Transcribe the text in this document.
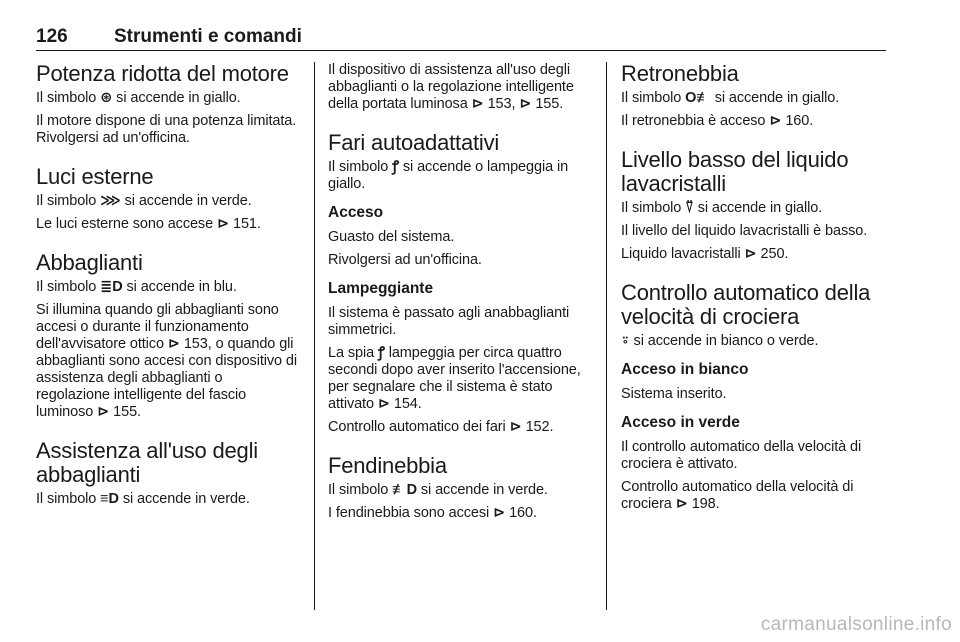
126 Strumenti e comandi
Potenza ridotta del motore

Il simbolo ⊛ si accende in giallo.

Il motore dispone di una potenza limitata. Rivolgersi ad un'officina.

Luci esterne

Il simbolo ⋙ si accende in verde.

Le luci esterne sono accese ⊳ 151.

Abbaglianti

Il simbolo ≣D si accende in blu.

Si illumina quando gli abbaglianti sono accesi o durante il funzionamento dell'avvisatore ottico ⊳ 153, o quando gli abbaglianti sono accesi con dispositivo di assistenza degli abbaglianti o regolazione intelligente del fascio luminoso ⊳ 155.

Assistenza all'uso degli abbaglianti

Il simbolo ≡D si accende in verde.

Il dispositivo di assistenza all'uso degli abbaglianti o la regolazione intelligente della portata luminosa ⊳ 153, ⊳ 155.

Fari autoadattativi

Il simbolo ꝭ si accende o lampeggia in giallo.

Acceso

Guasto del sistema.

Rivolgersi ad un'officina.

Lampeggiante

Il sistema è passato agli anabbaglianti simmetrici.

La spia ꝭ lampeggia per circa quattro secondi dopo aver inserito l'accensione, per segnalare che il sistema è stato attivato ⊳ 154.

Controllo automatico dei fari ⊳ 152.

Fendinebbia

Il simbolo ≢D si accende in verde.

I fendinebbia sono accesi ⊳ 160.

Retronebbia

Il simbolo O≢ si accende in giallo.

Il retronebbia è acceso ⊳ 160.

Livello basso del liquido lavacristalli

Il simbolo ⍢ si accende in giallo.

Il livello del liquido lavacristalli è basso.

Liquido lavacristalli ⊳ 250.

Controllo automatico della velocità di crociera

⍤ si accende in bianco o verde.

Acceso in bianco

Sistema inserito.

Acceso in verde

Il controllo automatico della velocità di crociera è attivato.

Controllo automatico della velocità di crociera ⊳ 198.

carmanualsonline.info
